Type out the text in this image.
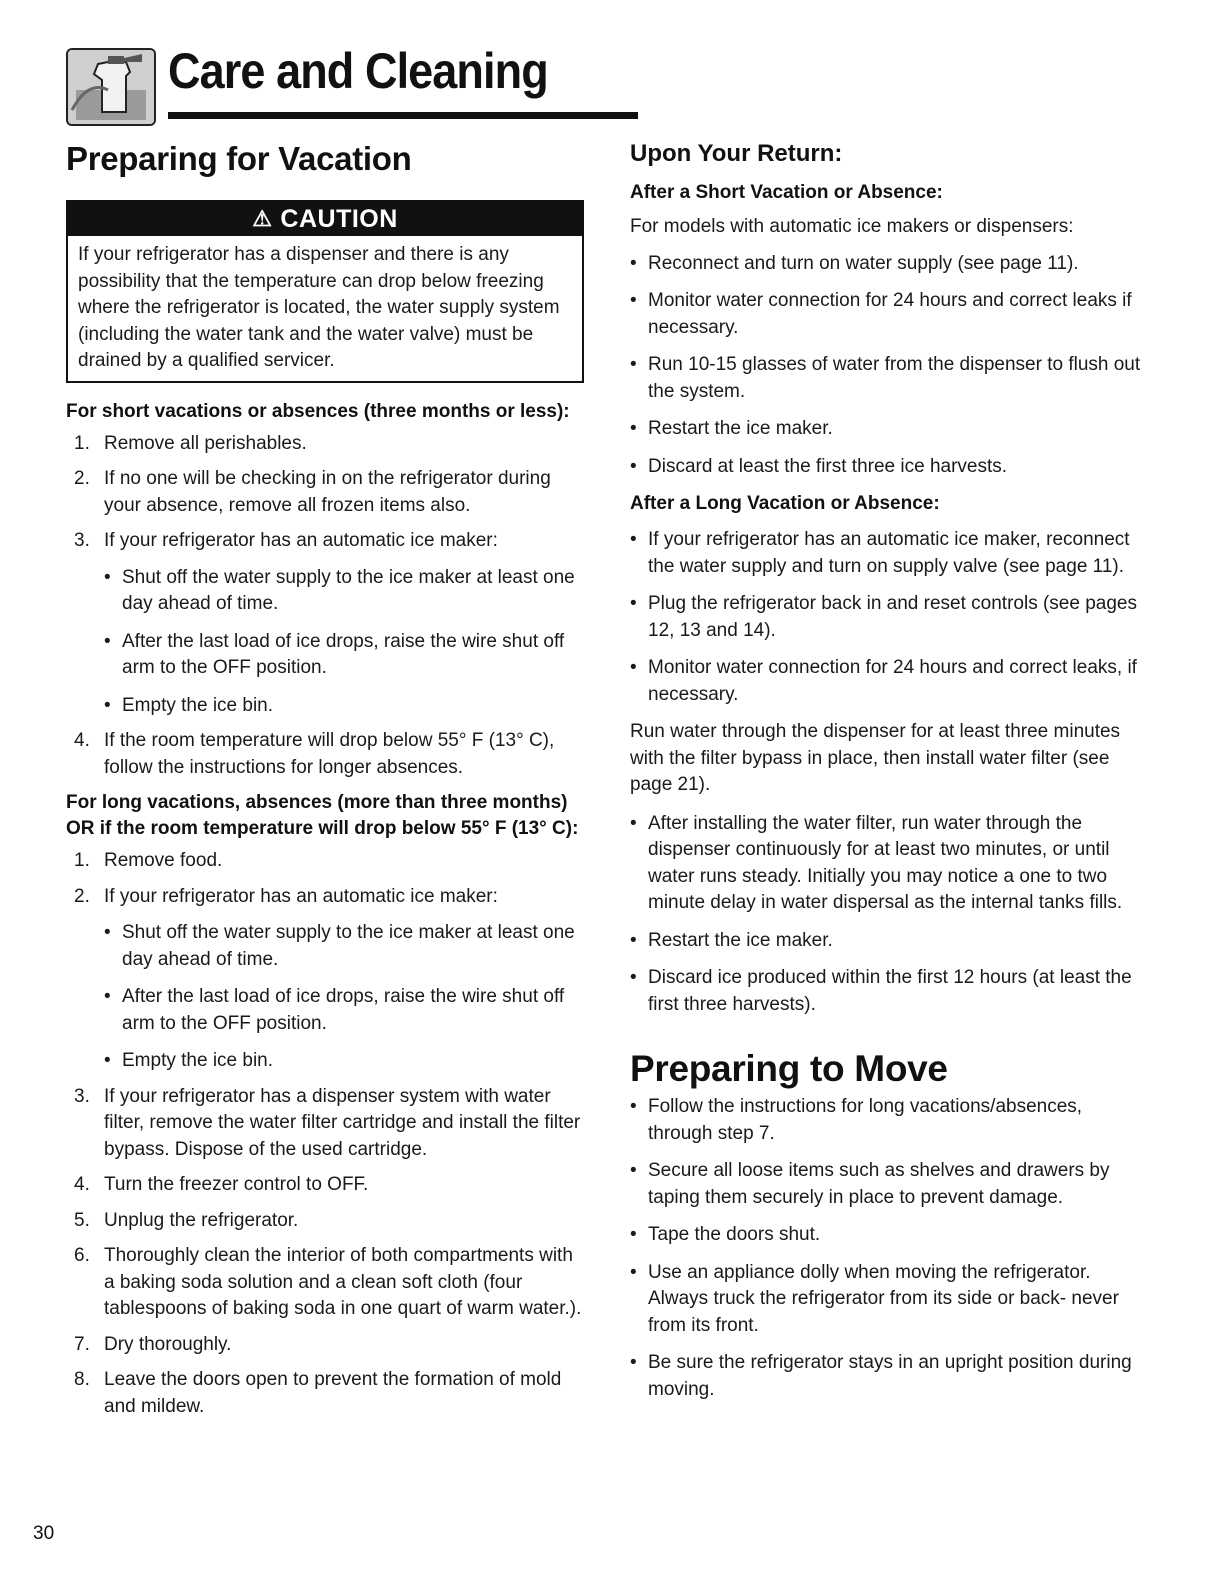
Care and Cleaning
Preparing for Vacation
⚠ CAUTION
If your refrigerator has a dispenser and there is any possibility that the temperature can drop below freezing where the refrigerator is located, the water supply system (including the water tank and the water valve) must be drained by a qualified servicer.
For short vacations or absences (three months or less):
1. Remove all perishables.
2. If no one will be checking in on the refrigerator during your absence, remove all frozen items also.
3. If your refrigerator has an automatic ice maker:
• Shut off the water supply to the ice maker at least one day ahead of time.
• After the last load of ice drops, raise the wire shut off arm to the OFF position.
• Empty the ice bin.
4. If the room temperature will drop below 55° F (13° C), follow the instructions for longer absences.
For long vacations, absences (more than three months) OR if the room temperature will drop below 55° F (13° C):
1. Remove food.
2. If your refrigerator has an automatic ice maker:
• Shut off the water supply to the ice maker at least one day ahead of time.
• After the last load of ice drops, raise the wire shut off arm to the OFF position.
• Empty the ice bin.
3. If your refrigerator has a dispenser system with water filter, remove the water filter cartridge and install the filter bypass. Dispose of the used cartridge.
4. Turn the freezer control to OFF.
5. Unplug the refrigerator.
6. Thoroughly clean the interior of both compartments with a baking soda solution and a clean soft cloth (four tablespoons of baking soda in one quart of warm water.).
7. Dry thoroughly.
8. Leave the doors open to prevent the formation of mold and mildew.
Upon Your Return:
After a Short Vacation or Absence:

For models with automatic ice makers or dispensers:

• Reconnect and turn on water supply (see page 11).
• Monitor water connection for 24 hours and correct leaks if necessary.
• Run 10-15 glasses of water from the dispenser to flush out the system.
• Restart the ice maker.
• Discard at least the first three ice harvests.
After a Long Vacation or Absence:
• If your refrigerator has an automatic ice maker, reconnect the water supply and turn on supply valve (see page 11).
• Plug the refrigerator back in and reset controls (see pages 12, 13 and 14).
• Monitor water connection for 24 hours and correct leaks, if necessary.

Run water through the dispenser for at least three minutes with the filter bypass in place, then install water filter (see page 21).

• After installing the water filter, run water through the dispenser continuously for at least two minutes, or until water runs steady. Initially you may notice a one to two minute delay in water dispersal as the internal tanks fills.
• Restart the ice maker.
• Discard ice produced within the first 12 hours (at least the first three harvests).
Preparing to Move
• Follow the instructions for long vacations/absences, through step 7.
• Secure all loose items such as shelves and drawers by taping them securely in place to prevent damage.
• Tape the doors shut.
• Use an appliance dolly when moving the refrigerator. Always truck the refrigerator from its side or back- never from its front.
• Be sure the refrigerator stays in an upright position during moving.
30
